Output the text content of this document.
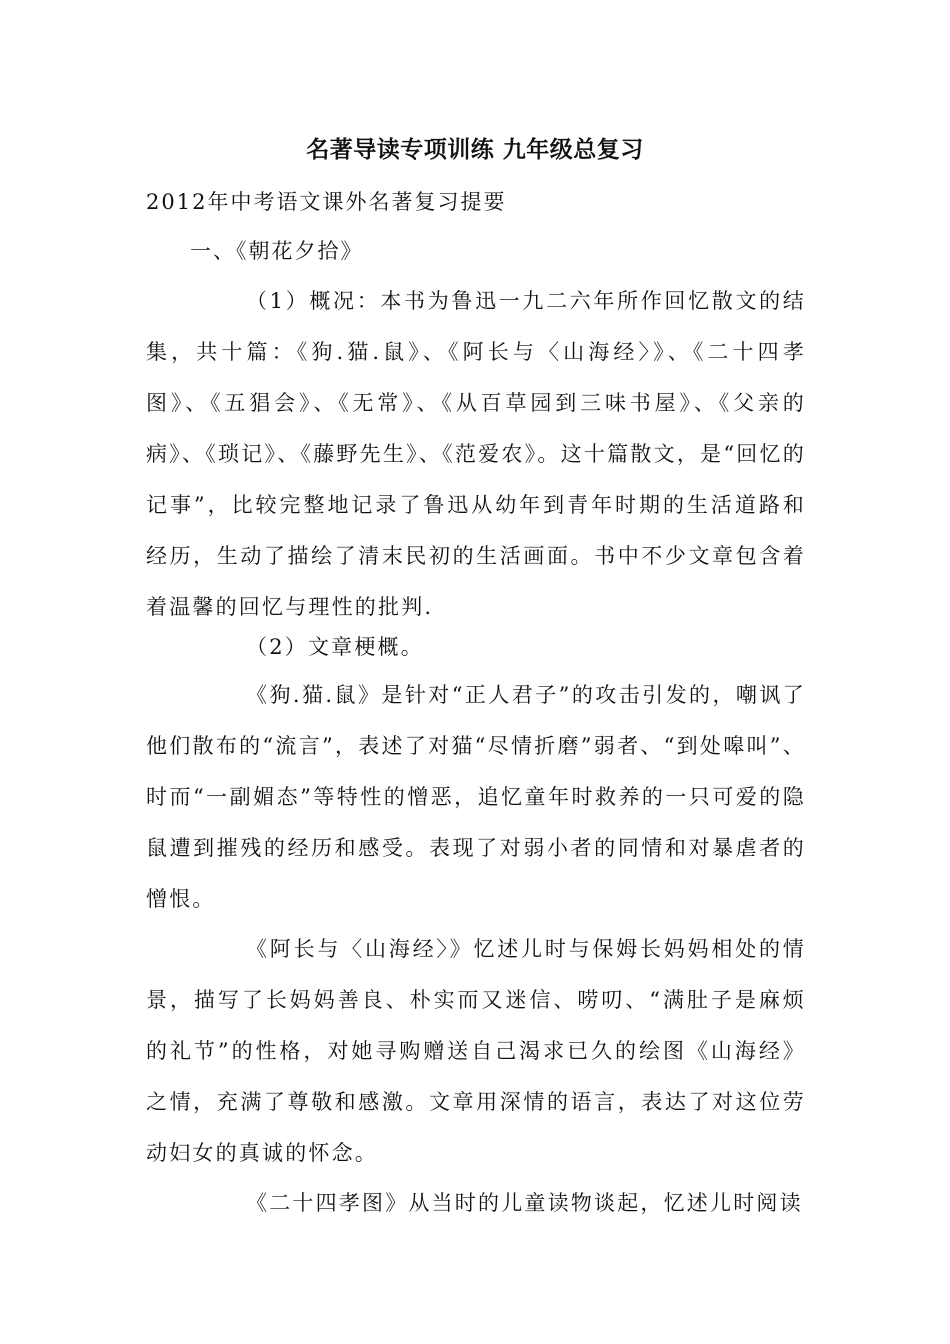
名著导读专项训练 九年级总复习
2012年中考语文课外名著复习提要
一、《朝花夕拾》
（1）概况：本书为鲁迅一九二六年所作回忆散文的结集，共十篇：《狗.猫.鼠》、《阿长与〈山海经〉》、《二十四孝图》、《五猖会》、《无常》、《从百草园到三味书屋》、《父亲的病》、《琐记》、《藤野先生》、《范爱农》。这十篇散文，是“回忆的记事”，比较完整地记录了鲁迅从幼年到青年时期的生活道路和经历，生动了描绘了清末民初的生活画面。书中不少文章包含着着温馨的回忆与理性的批判.
（2）文章梗概。
《狗.猫.鼠》是针对“正人君子”的攻击引发的，嘲讽了他们散布的“流言”，表述了对猫“尽情折磨”弱者、“到处嗥叫”、时而“一副媚态”等特性的憎恶，追忆童年时救养的一只可爱的隐鼠遭到摧残的经历和感受。表现了对弱小者的同情和对暴虐者的憎恨。
《阿长与〈山海经〉》忆述儿时与保姆长妈妈相处的情景，描写了长妈妈善良、朴实而又迷信、唠叨、“满肚子是麻烦的礼节”的性格，对她寻购赠送自己渴求已久的绘图《山海经》之情，充满了尊敬和感激。文章用深情的语言，表达了对这位劳动妇女的真诚的怀念。
《二十四孝图》从当时的儿童读物谈起，忆述儿时阅读
